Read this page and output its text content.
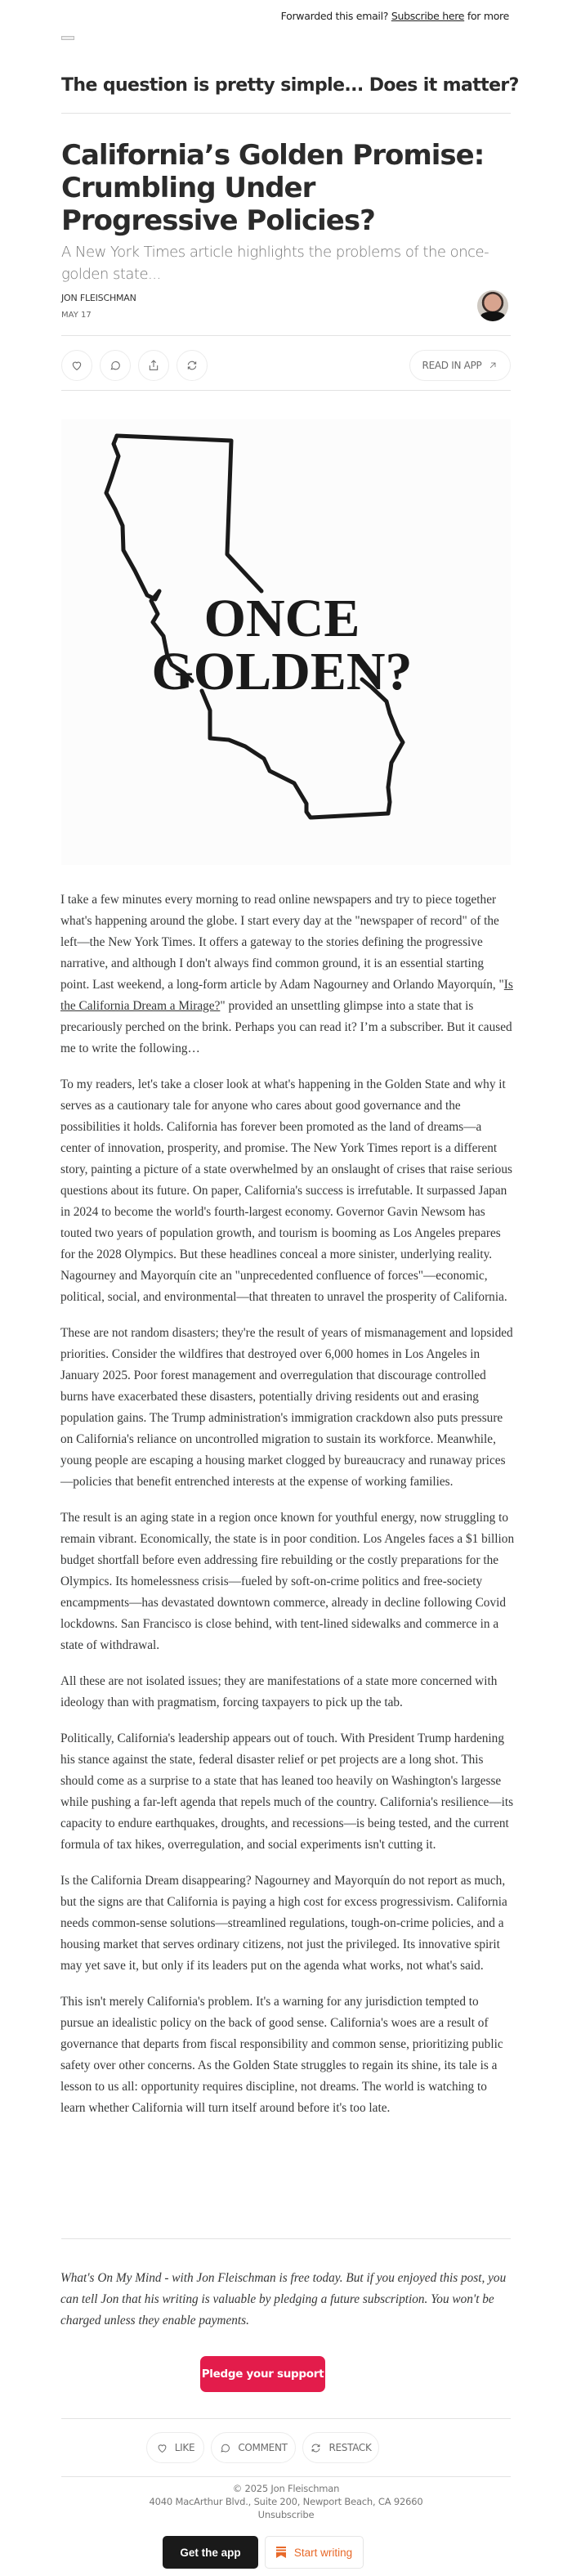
Forwarded this email? Subscribe here for more
The question is pretty simple... Does it matter?
California’s Golden Promise: Crumbling Under Progressive Policies?
A New York Times article highlights the problems of the once-golden state...
JON FLEISCHMAN
MAY 17
READ IN APP
ONCE
GOLDEN?

I take a few minutes every morning to read online newspapers and try to piece together what's happening around the globe. I start every day at the "newspaper of record" of the left—the New York Times. It offers a gateway to the stories defining the progressive narrative, and although I don't always find common ground, it is an essential starting point. Last weekend, a long-form article by Adam Nagourney and Orlando Mayorquín, "Is the California Dream a Mirage?" provided an unsettling glimpse into a state that is precariously perched on the brink. Perhaps you can read it? I’m a subscriber. But it caused me to write the following…

To my readers, let's take a closer look at what's happening in the Golden State and why it serves as a cautionary tale for anyone who cares about good governance and the possibilities it holds. California has forever been promoted as the land of dreams—a center of innovation, prosperity, and promise. The New York Times report is a different story, painting a picture of a state overwhelmed by an onslaught of crises that raise serious questions about its future. On paper, California's success is irrefutable. It surpassed Japan in 2024 to become the world's fourth-largest economy. Governor Gavin Newsom has touted two years of population growth, and tourism is booming as Los Angeles prepares for the 2028 Olympics. But these headlines conceal a more sinister, underlying reality. Nagourney and Mayorquín cite an "unprecedented confluence of forces"—economic, political, social, and environmental—that threaten to unravel the prosperity of California.

These are not random disasters; they're the result of years of mismanagement and lopsided priorities. Consider the wildfires that destroyed over 6,000 homes in Los Angeles in January 2025. Poor forest management and overregulation that discourage controlled burns have exacerbated these disasters, potentially driving residents out and erasing population gains. The Trump administration's immigration crackdown also puts pressure on California's reliance on uncontrolled migration to sustain its workforce. Meanwhile, young people are escaping a housing market clogged by bureaucracy and runaway prices—policies that benefit entrenched interests at the expense of working families.

The result is an aging state in a region once known for youthful energy, now struggling to remain vibrant. Economically, the state is in poor condition. Los Angeles faces a $1 billion budget shortfall before even addressing fire rebuilding or the costly preparations for the Olympics. Its homelessness crisis—fueled by soft-on-crime politics and free-society encampments—has devastated downtown commerce, already in decline following Covid lockdowns. San Francisco is close behind, with tent-lined sidewalks and commerce in a state of withdrawal.

All these are not isolated issues; they are manifestations of a state more concerned with ideology than with pragmatism, forcing taxpayers to pick up the tab.

Politically, California's leadership appears out of touch. With President Trump hardening his stance against the state, federal disaster relief or pet projects are a long shot. This should come as a surprise to a state that has leaned too heavily on Washington's largesse while pushing a far-left agenda that repels much of the country. California's resilience—its capacity to endure earthquakes, droughts, and recessions—is being tested, and the current formula of tax hikes, overregulation, and social experiments isn't cutting it.

Is the California Dream disappearing? Nagourney and Mayorquín do not report as much, but the signs are that California is paying a high cost for excess progressivism. California needs common-sense solutions—streamlined regulations, tough-on-crime policies, and a housing market that serves ordinary citizens, not just the privileged. Its innovative spirit may yet save it, but only if its leaders put on the agenda what works, not what's said.

This isn't merely California's problem. It's a warning for any jurisdiction tempted to pursue an idealistic policy on the back of good sense. California's woes are a result of governance that departs from fiscal responsibility and common sense, prioritizing public safety over other concerns. As the Golden State struggles to regain its shine, its tale is a lesson to us all: opportunity requires discipline, not dreams. The world is watching to learn whether California will turn itself around before it's too late.

What's On My Mind - with Jon Fleischman is free today. But if you enjoyed this post, you can tell Jon that his writing is valuable by pledging a future subscription. You won't be charged unless they enable payments.
Pledge your support
LIKE	COMMENT	RESTACK
© 2025 Jon Fleischman
4040 MacArthur Blvd., Suite 200, Newport Beach, CA 92660
Unsubscribe
Get the app	Start writing
